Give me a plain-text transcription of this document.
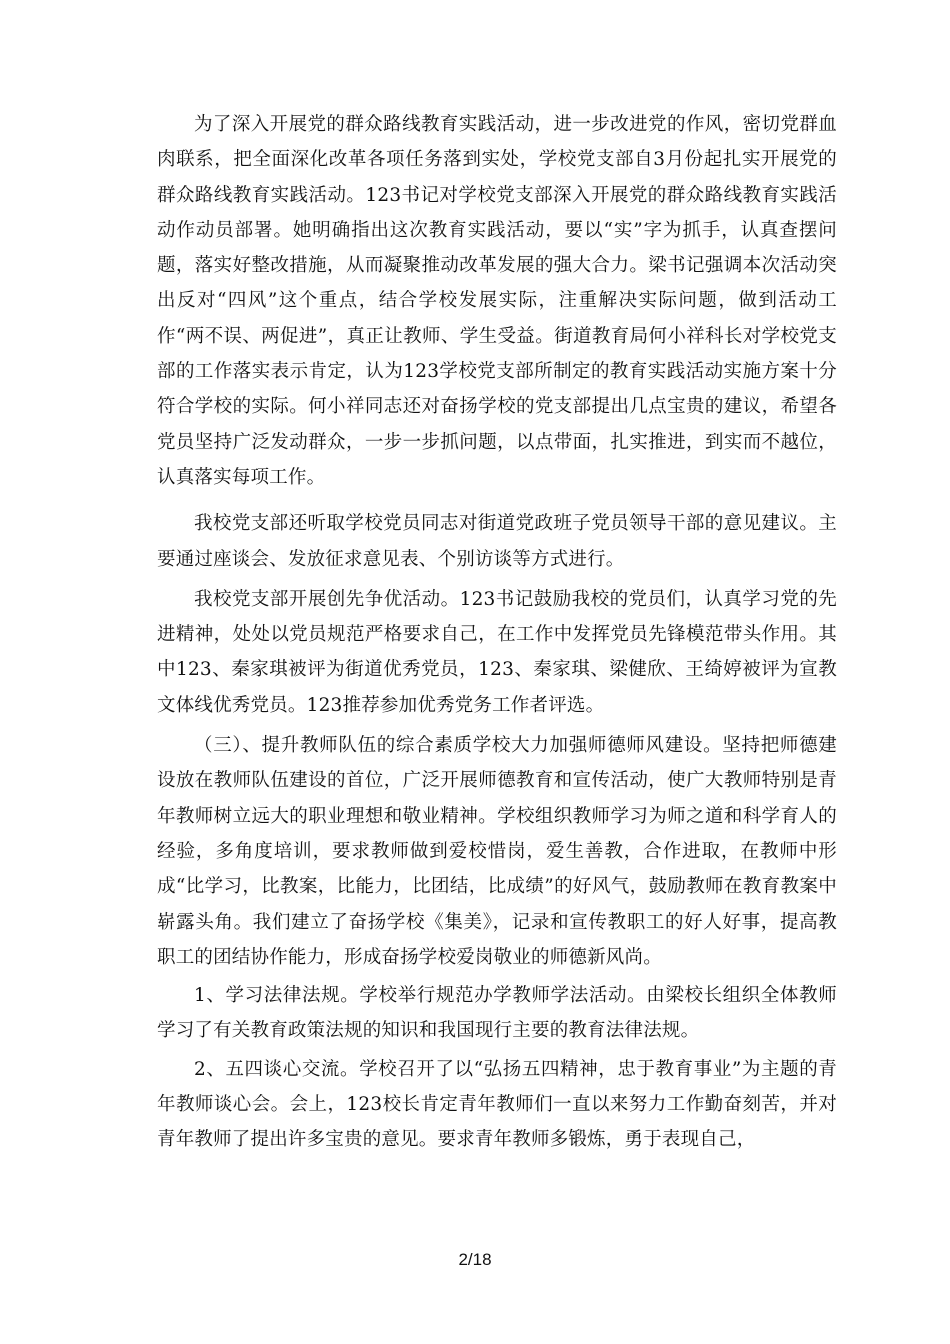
为了深入开展党的群众路线教育实践活动，进一步改进党的作风，密切党群血肉联系，把全面深化改革各项任务落到实处，学校党支部自3月份起扎实开展党的群众路线教育实践活动。123书记对学校党支部深入开展党的群众路线教育实践活动作动员部署。她明确指出这次教育实践活动，要以“实”字为抓手，认真查摆问题，落实好整改措施，从而凝聚推动改革发展的强大合力。梁书记强调本次活动突出反对“四风”这个重点，结合学校发展实际，注重解决实际问题，做到活动工作“两不误、两促进”，真正让教师、学生受益。街道教育局何小祥科长对学校党支部的工作落实表示肯定，认为123学校党支部所制定的教育实践活动实施方案十分符合学校的实际。何小祥同志还对奋扬学校的党支部提出几点宝贵的建议，希望各党员坚持广泛发动群众，一步一步抓问题，以点带面，扎实推进，到实而不越位，认真落实每项工作。

我校党支部还听取学校党员同志对街道党政班子党员领导干部的意见建议。主要通过座谈会、发放征求意见表、个别访谈等方式进行。

我校党支部开展创先争优活动。123书记鼓励我校的党员们，认真学习党的先进精神，处处以党员规范严格要求自己，在工作中发挥党员先锋模范带头作用。其中123、秦家琪被评为街道优秀党员，123、秦家琪、梁健欣、王绮婷被评为宣教文体线优秀党员。123推荐参加优秀党务工作者评选。

（三）、提升教师队伍的综合素质学校大力加强师德师风建设。坚持把师德建设放在教师队伍建设的首位，广泛开展师德教育和宣传活动，使广大教师特别是青年教师树立远大的职业理想和敬业精神。学校组织教师学习为师之道和科学育人的经验，多角度培训，要求教师做到爱校惜岗，爱生善教，合作进取，在教师中形成“比学习，比教案，比能力，比团结，比成绩”的好风气，鼓励教师在教育教案中崭露头角。我们建立了奋扬学校《集美》，记录和宣传教职工的好人好事，提高教职工的团结协作能力，形成奋扬学校爱岗敬业的师德新风尚。

1、学习法律法规。学校举行规范办学教师学法活动。由梁校长组织全体教师学习了有关教育政策法规的知识和我国现行主要的教育法律法规。

2、五四谈心交流。学校召开了以“弘扬五四精神，忠于教育事业”为主题的青年教师谈心会。会上，123校长肯定青年教师们一直以来努力工作勤奋刻苦，并对青年教师了提出许多宝贵的意见。要求青年教师多锻炼，勇于表现自己，

2/18
